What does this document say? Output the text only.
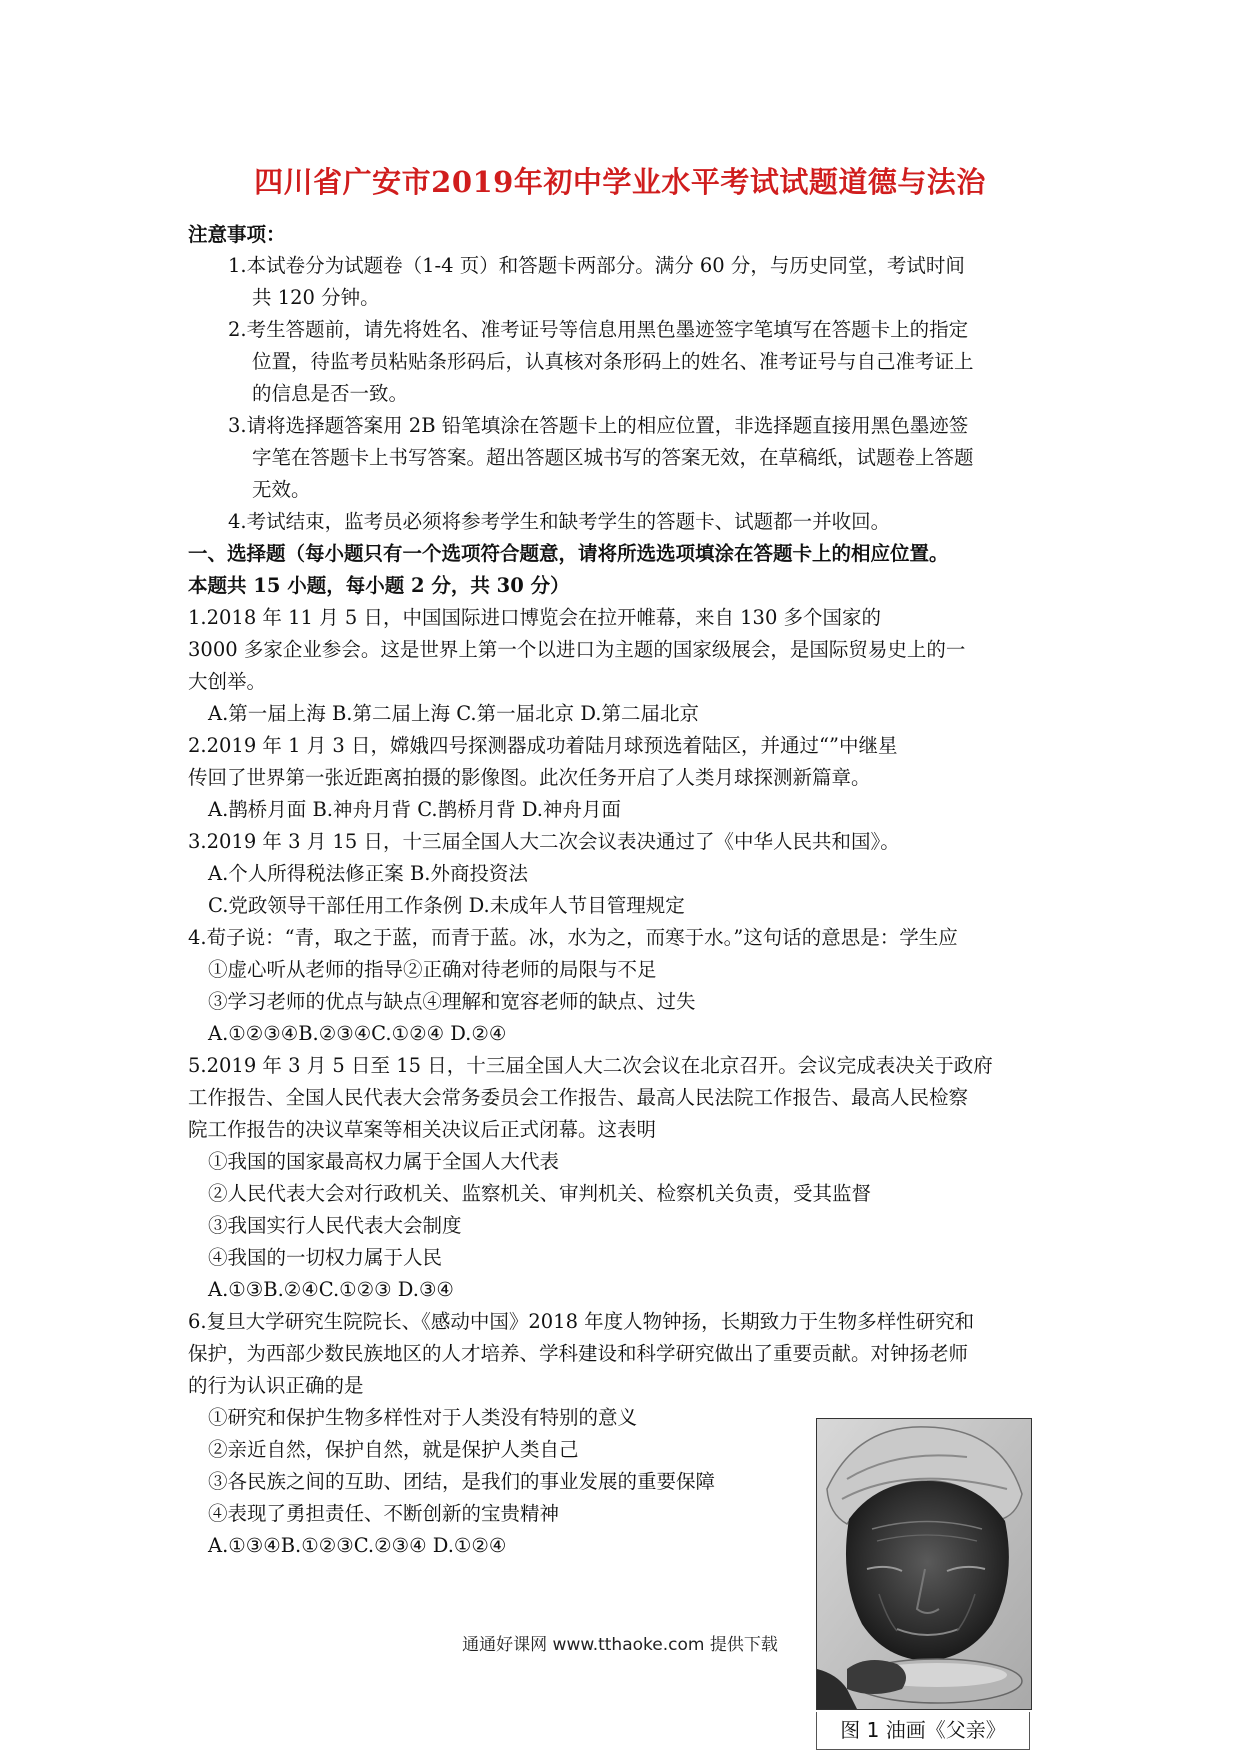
四川省广安市2019年初中学业水平考试试题道德与法治
注意事项：
1.本试卷分为试题卷（1-4 页）和答题卡两部分。满分 60 分，与历史同堂，考试时间
共 120 分钟。
2.考生答题前，请先将姓名、准考证号等信息用黑色墨迹签字笔填写在答题卡上的指定
位置，待监考员粘贴条形码后，认真核对条形码上的姓名、准考证号与自己准考证上
的信息是否一致。
3.请将选择题答案用 2B 铅笔填涂在答题卡上的相应位置，非选择题直接用黑色墨迹签
字笔在答题卡上书写答案。超出答题区城书写的答案无效，在草稿纸，试题卷上答题
无效。
4.考试结束，监考员必须将参考学生和缺考学生的答题卡、试题都一并收回。
一、选择题（每小题只有一个选项符合题意，请将所选选项填涂在答题卡上的相应位置。
本题共 15 小题，每小题 2 分，共 30 分）
1.2018 年 11 月 5 日，中国国际进口博览会在拉开帷幕，来自 130 多个国家的
3000 多家企业参会。这是世界上第一个以进口为主题的国家级展会，是国际贸易史上的一
大创举。
A.第一届上海 B.第二届上海 C.第一届北京 D.第二届北京
2.2019 年 1 月 3 日，嫦娥四号探测器成功着陆月球预选着陆区，并通过“”中继星
传回了世界第一张近距离拍摄的影像图。此次任务开启了人类月球探测新篇章。
A.鹊桥月面 B.神舟月背 C.鹊桥月背 D.神舟月面
3.2019 年 3 月 15 日，十三届全国人大二次会议表决通过了《中华人民共和国》。
A.个人所得税法修正案 B.外商投资法
C.党政领导干部任用工作条例 D.未成年人节目管理规定
4.荀子说：“青，取之于蓝，而青于蓝。冰，水为之，而寒于水。”这句话的意思是：学生应
①虚心听从老师的指导②正确对待老师的局限与不足
③学习老师的优点与缺点④理解和宽容老师的缺点、过失
A.①②③④B.②③④C.①②④ D.②④
5.2019 年 3 月 5 日至 15 日，十三届全国人大二次会议在北京召开。会议完成表决关于政府
工作报告、全国人民代表大会常务委员会工作报告、最高人民法院工作报告、最高人民检察
院工作报告的决议草案等相关决议后正式闭幕。这表明
①我国的国家最高权力属于全国人大代表
②人民代表大会对行政机关、监察机关、审判机关、检察机关负责，受其监督
③我国实行人民代表大会制度
④我国的一切权力属于人民
A.①③B.②④C.①②③ D.③④
6.复旦大学研究生院院长、《感动中国》2018 年度人物钟扬，长期致力于生物多样性研究和
保护，为西部少数民族地区的人才培养、学科建设和科学研究做出了重要贡献。对钟扬老师
的行为认识正确的是
①研究和保护生物多样性对于人类没有特别的意义
②亲近自然，保护自然，就是保护人类自己
③各民族之间的互助、团结，是我们的事业发展的重要保障
④表现了勇担责任、不断创新的宝贵精神
A.①③④B.①②③C.②③④ D.①②④
图 1 油画《父亲》
通通好课网 www.tthaoke.com 提供下载
